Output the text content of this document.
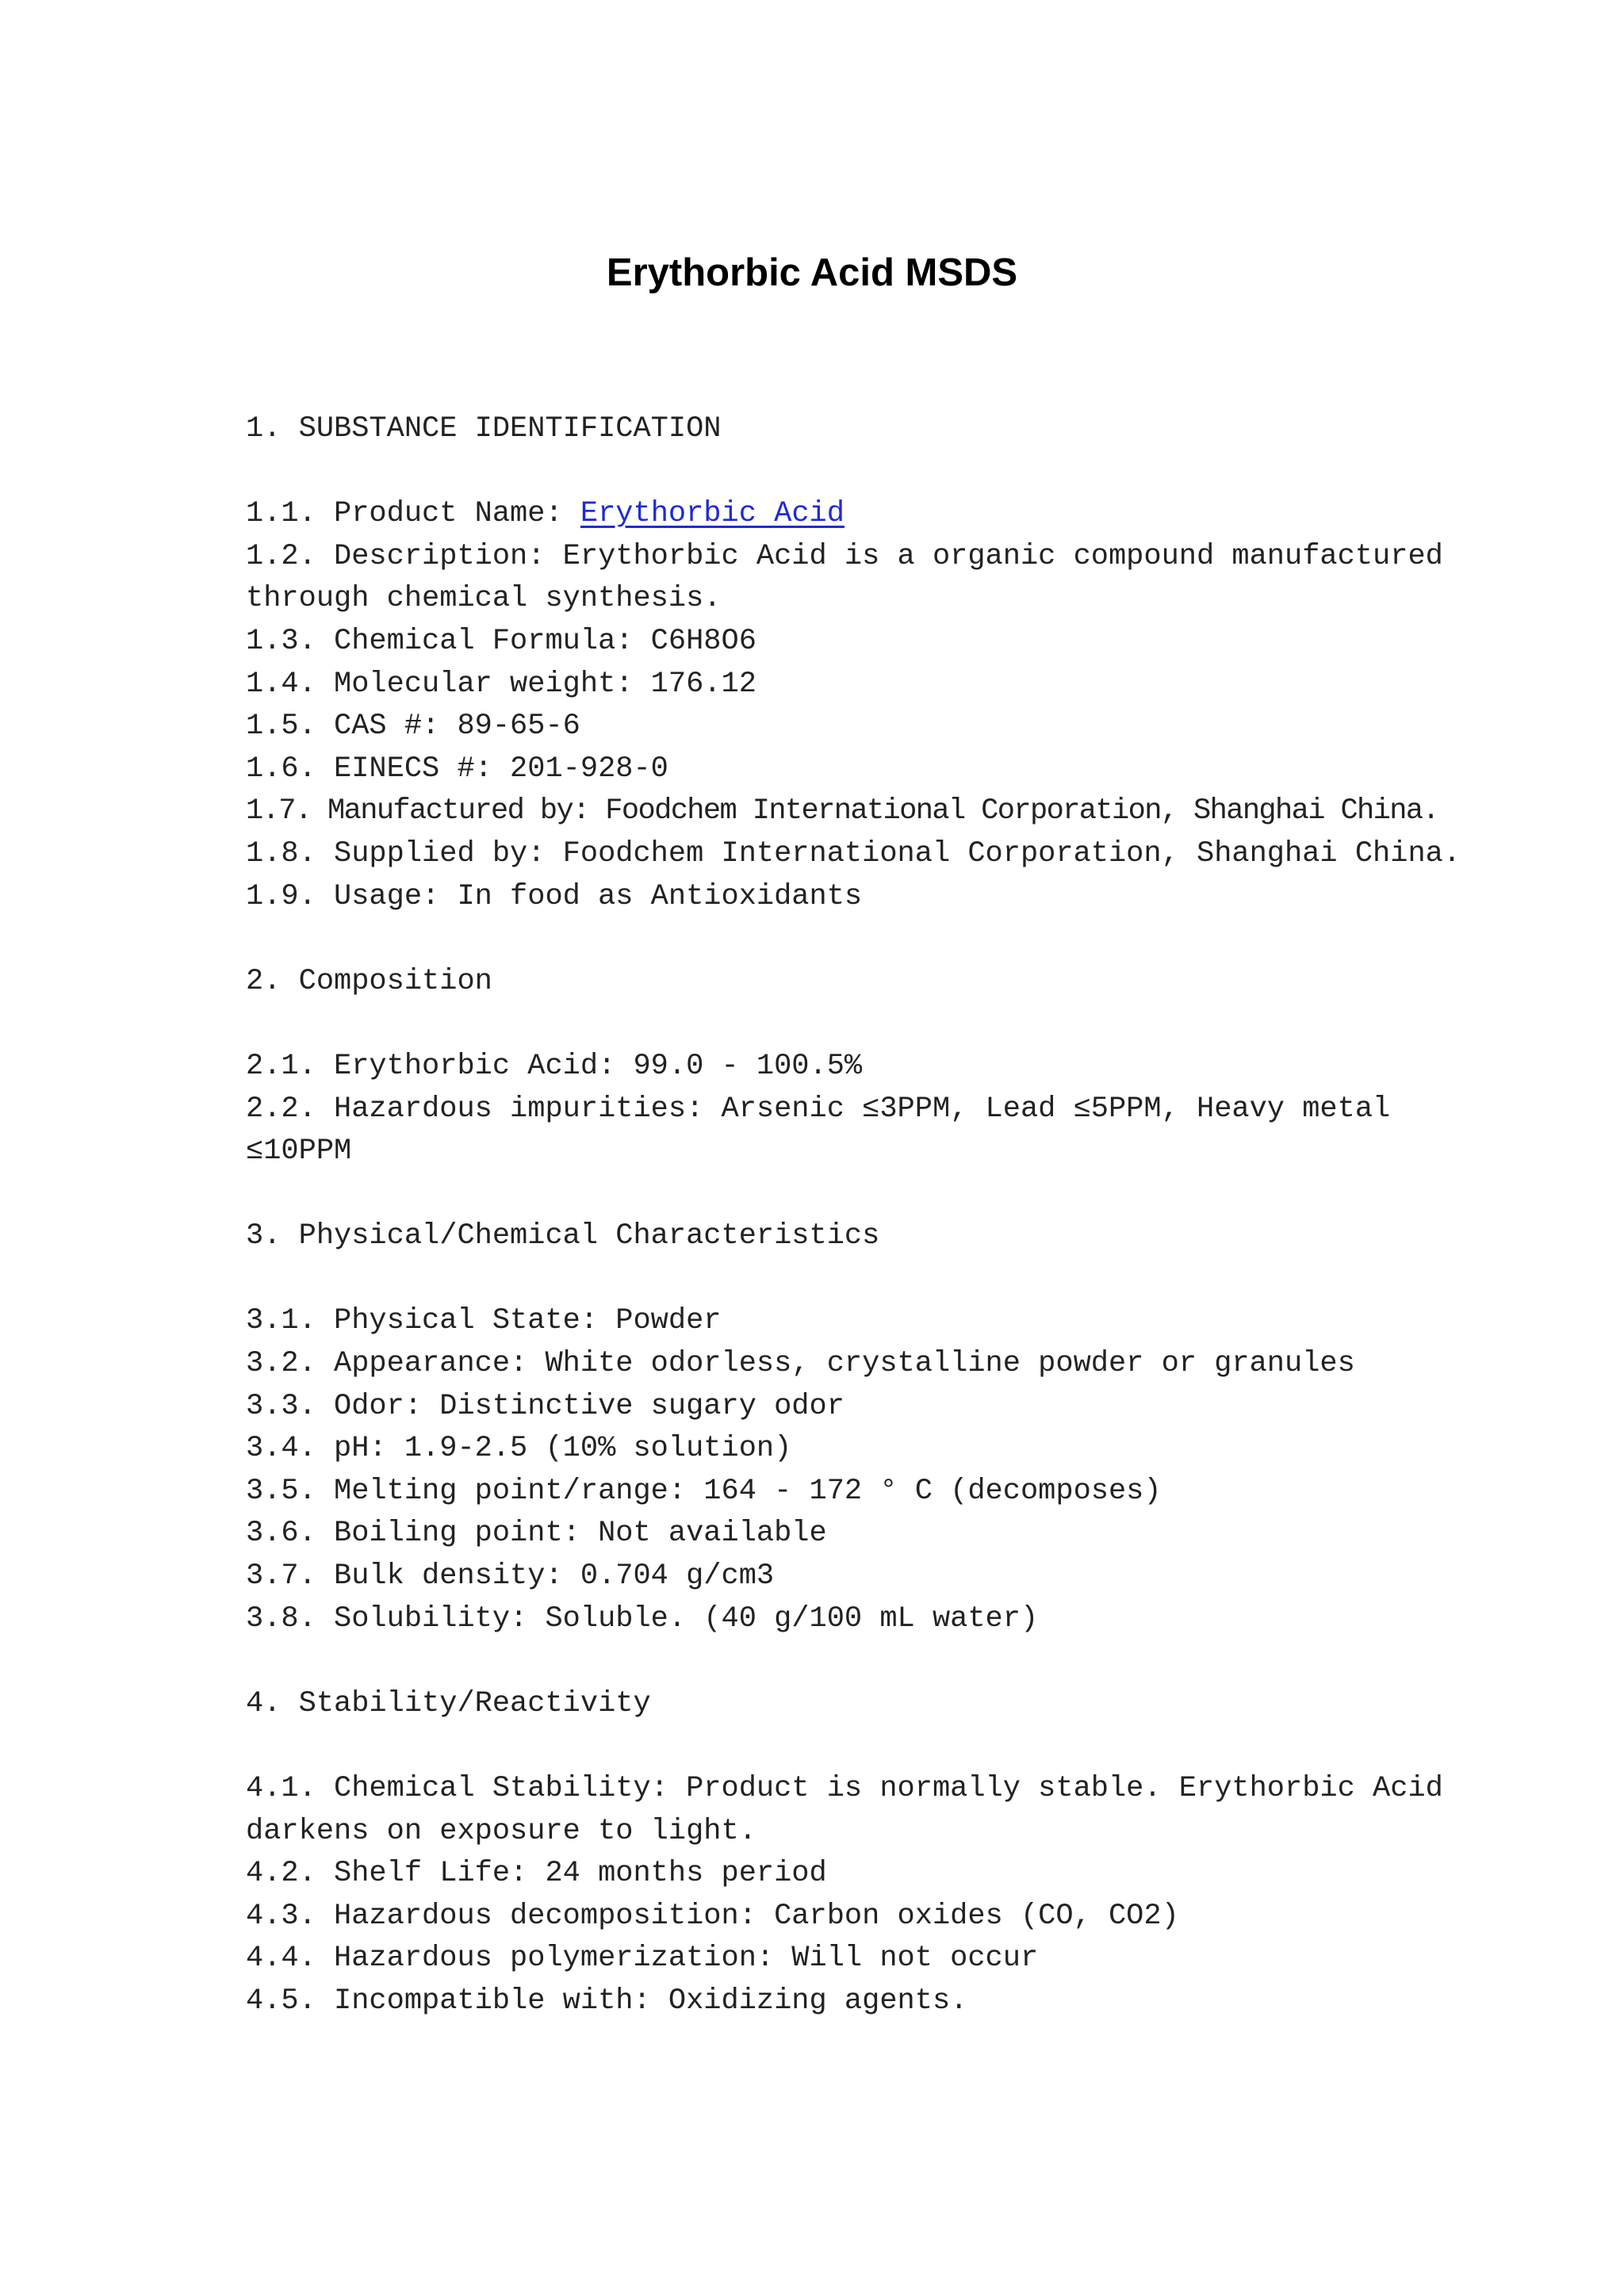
Erythorbic Acid MSDS
1. SUBSTANCE IDENTIFICATION
1.1. Product Name: Erythorbic Acid
1.2. Description: Erythorbic Acid is a organic compound manufactured
through chemical synthesis.
1.3. Chemical Formula: C6H8O6
1.4. Molecular weight: 176.12
1.5. CAS #: 89-65-6
1.6. EINECS #: 201-928-0
1.7. Manufactured by: Foodchem International Corporation, Shanghai China.
1.8. Supplied by: Foodchem International Corporation, Shanghai China.
1.9. Usage: In food as Antioxidants
2. Composition
2.1. Erythorbic Acid: 99.0 - 100.5%
2.2. Hazardous impurities: Arsenic ≤3PPM, Lead ≤5PPM, Heavy metal
≤10PPM
3. Physical/Chemical Characteristics
3.1. Physical State: Powder
3.2. Appearance: White odorless, crystalline powder or granules
3.3. Odor: Distinctive sugary odor
3.4. pH: 1.9-2.5 (10% solution)
3.5. Melting point/range: 164 - 172 ° C (decomposes)
3.6. Boiling point: Not available
3.7. Bulk density: 0.704 g/cm3
3.8. Solubility: Soluble. (40 g/100 mL water)
4. Stability/Reactivity
4.1. Chemical Stability: Product is normally stable. Erythorbic Acid
darkens on exposure to light.
4.2. Shelf Life: 24 months period
4.3. Hazardous decomposition: Carbon oxides (CO, CO2)
4.4. Hazardous polymerization: Will not occur
4.5. Incompatible with: Oxidizing agents.
